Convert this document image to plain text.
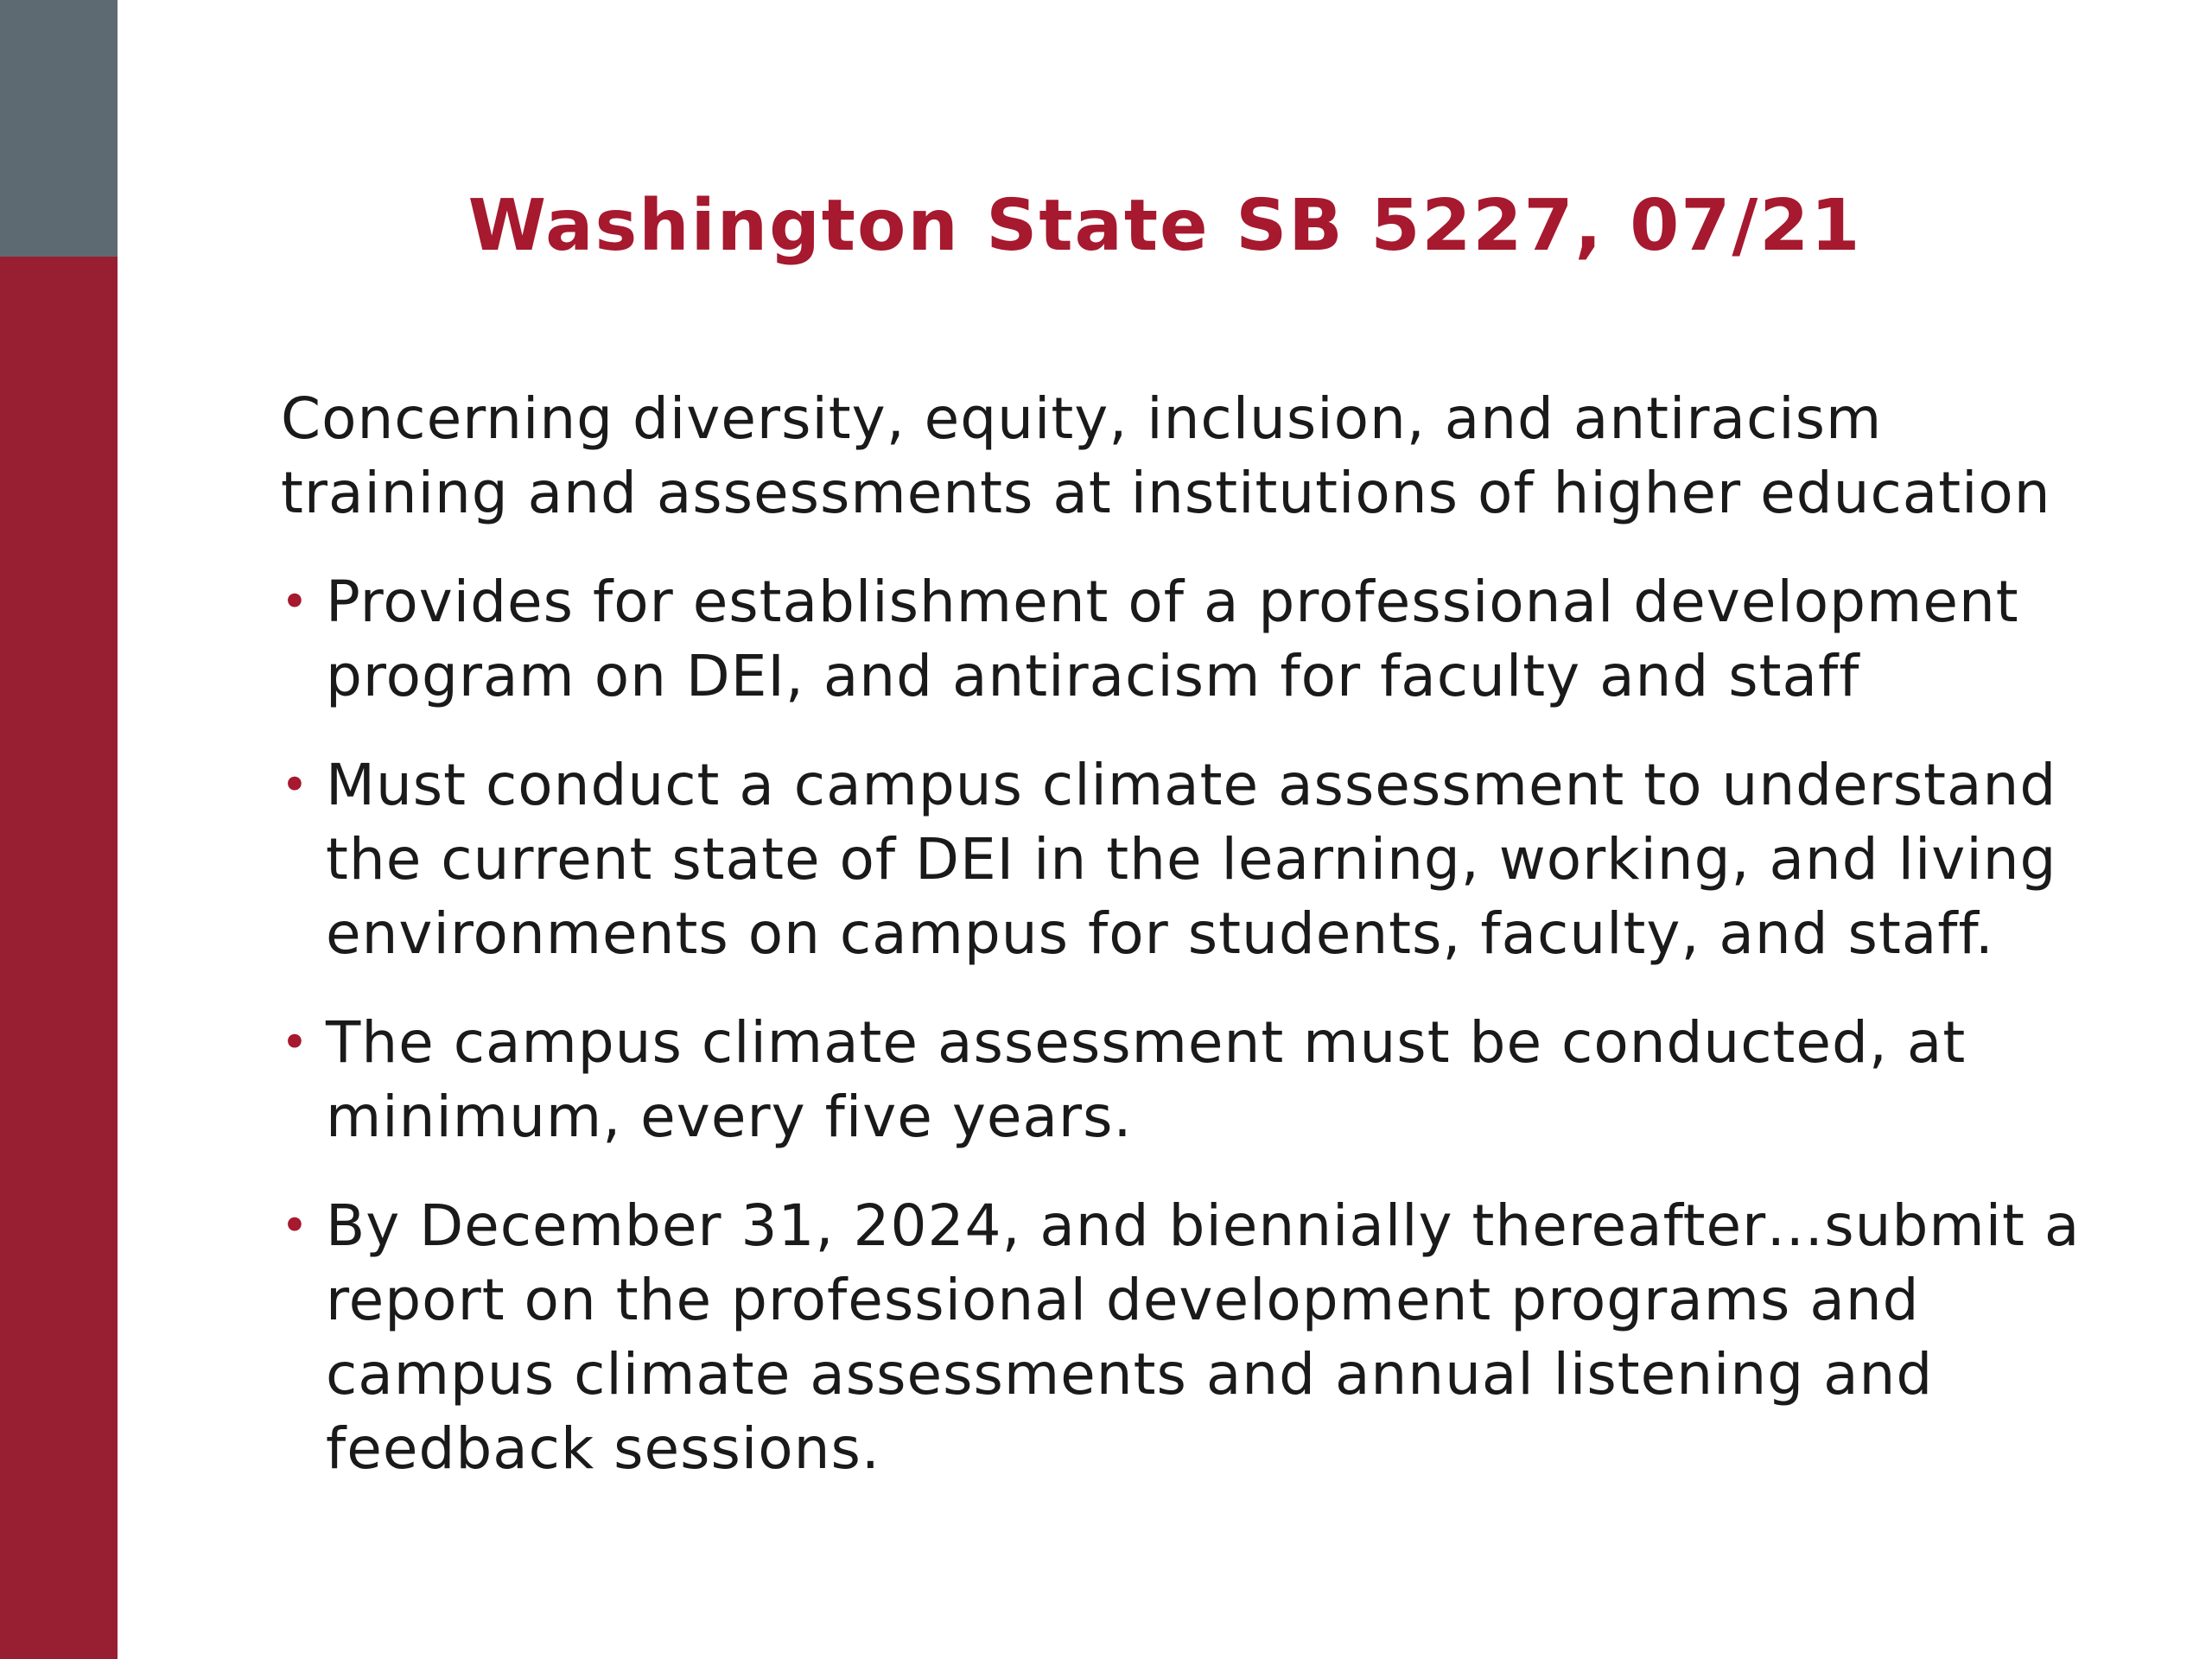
Washington State SB 5227, 07/21
Concerning diversity, equity, inclusion, and antiracism
training and assessments at institutions of higher education
• Provides for establishment of a professional development
program on DEI, and antiracism for faculty and staff
• Must conduct a campus climate assessment to understand
the current state of DEI in the learning, working, and living
environments on campus for students, faculty, and staff.
• The campus climate assessment must be conducted, at
minimum, every five years.
• By December 31, 2024, and biennially thereafter…submit a
report on the professional development programs and
campus climate assessments and annual listening and
feedback sessions.
